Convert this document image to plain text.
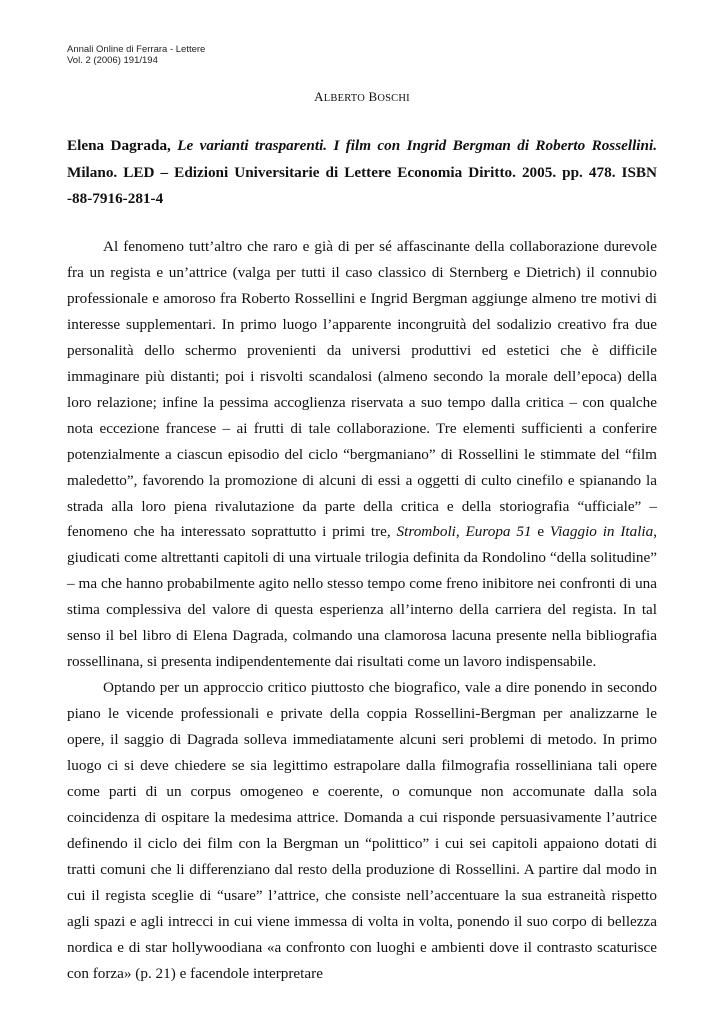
Annali Online di Ferrara - Lettere
Vol. 2 (2006) 191/194
ALBERTO BOSCHI
Elena Dagrada, Le varianti trasparenti. I film con Ingrid Bergman di Roberto Rossellini. Milano. LED – Edizioni Universitarie di Lettere Economia Diritto. 2005. pp. 478. ISBN -88-7916-281-4

Al fenomeno tutt’altro che raro e già di per sé affascinante della collaborazione durevole fra un regista e un’attrice (valga per tutti il caso classico di Sternberg e Dietrich) il connubio professionale e amoroso fra Roberto Rossellini e Ingrid Bergman aggiunge almeno tre motivi di interesse supplementari. In primo luogo l’apparente incongruità del sodalizio creativo fra due personalità dello schermo provenienti da universi produttivi ed estetici che è difficile immaginare più distanti; poi i risvolti scandalosi (almeno secondo la morale dell’epoca) della loro relazione; infine la pessima accoglienza riservata a suo tempo dalla critica – con qualche nota eccezione francese – ai frutti di tale collaborazione. Tre elementi sufficienti a conferire potenzialmente a ciascun episodio del ciclo “bergmaniano” di Rossellini le stimmate del “film maledetto”, favorendo la promozione di alcuni di essi a oggetti di culto cinefilo e spianando la strada alla loro piena rivalutazione da parte della critica e della storiografia “ufficiale” – fenomeno che ha interessato soprattutto i primi tre, Stromboli, Europa 51 e Viaggio in Italia, giudicati come altrettanti capitoli di una virtuale trilogia definita da Rondolino “della solitudine” – ma che hanno probabilmente agito nello stesso tempo come freno inibitore nei confronti di una stima complessiva del valore di questa esperienza all’interno della carriera del regista. In tal senso il bel libro di Elena Dagrada, colmando una clamorosa lacuna presente nella bibliografia rossellinana, si presenta indipendentemente dai risultati come un lavoro indispensabile.

Optando per un approccio critico piuttosto che biografico, vale a dire ponendo in secondo piano le vicende professionali e private della coppia Rossellini-Bergman per analizzarne le opere, il saggio di Dagrada solleva immediatamente alcuni seri problemi di metodo. In primo luogo ci si deve chiedere se sia legittimo estrapolare dalla filmografia rosselliniana tali opere come parti di un corpus omogeneo e coerente, o comunque non accomunate dalla sola coincidenza di ospitare la medesima attrice. Domanda a cui risponde persuasivamente l’autrice definendo il ciclo dei film con la Bergman un “polittico” i cui sei capitoli appaiono dotati di tratti comuni che li differenziano dal resto della produzione di Rossellini. A partire dal modo in cui il regista sceglie di “usare” l’attrice, che consiste nell’accentuare la sua estraneità rispetto agli spazi e agli intrecci in cui viene immessa di volta in volta, ponendo il suo corpo di bellezza nordica e di star hollywoodiana «a confronto con luoghi e ambienti dove il contrasto scaturisce con forza» (p. 21) e facendole interpretare
